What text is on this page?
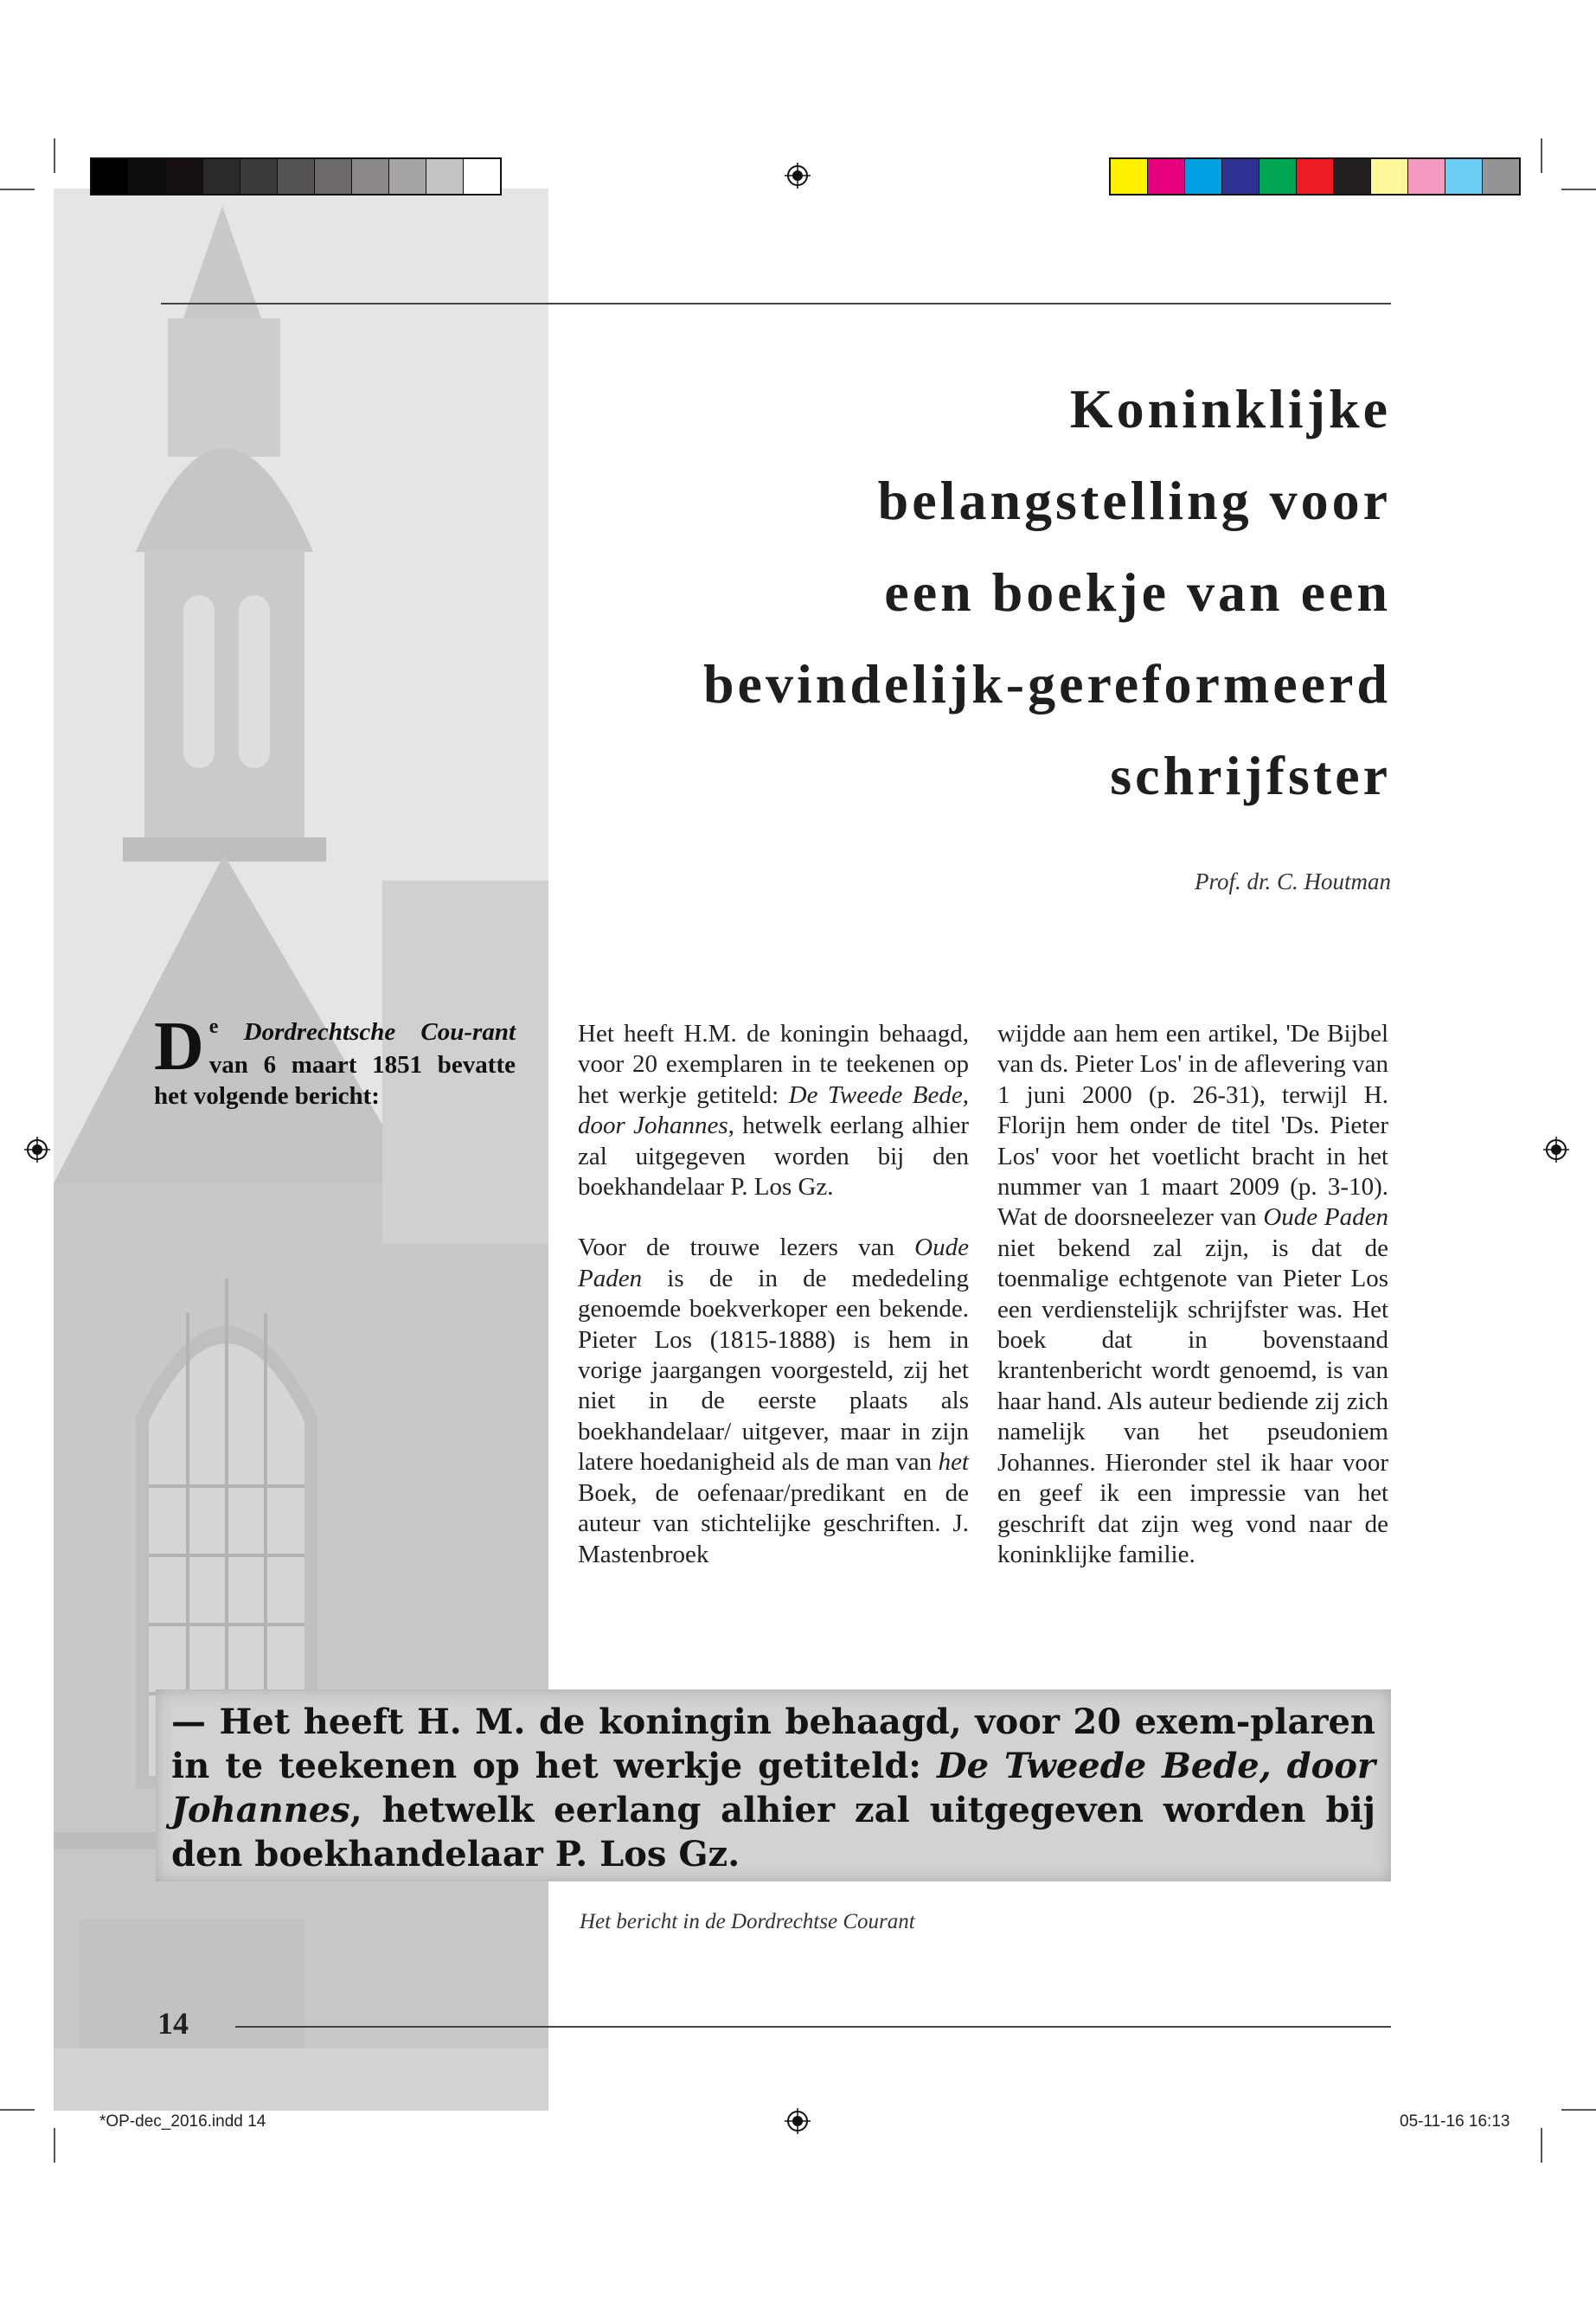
Koninklijke
belangstelling voor
een boekje van een
bevindelijk-gereformeerd
schrijfster
Prof. dr. C. Houtman
D $^e$ Dordrechtsche Cou-rant van 6 maart 1851 bevatte het volgende bericht:

Het heeft H.M. de koningin behaagd, voor 20 exemplaren in te teekenen op het werkje getiteld: De Tweede Bede, door Johannes, hetwelk eerlang alhier zal uitgegeven worden bij den boekhandelaar P. Los Gz.

Voor de trouwe lezers van Oude Paden is de in de mededeling genoemde boekverkoper een bekende. Pieter Los (1815-1888) is hem in vorige jaargangen voorgesteld, zij het niet in de eerste plaats als boekhandelaar/ uitgever, maar in zijn latere hoedanigheid als de man van het Boek, de oefenaar/predikant en de auteur van stichtelijke geschriften. J. Mastenbroek

wijdde aan hem een artikel, 'De Bijbel van ds. Pieter Los' in de aflevering van 1 juni 2000 (p. 26-31), terwijl H. Florijn hem onder de titel 'Ds. Pieter Los' voor het voetlicht bracht in het nummer van 1 maart 2009 (p. 3-10). Wat de doorsneelezer van Oude Paden niet bekend zal zijn, is dat de toenmalige echtgenote van Pieter Los een verdienstelijk schrijfster was. Het boek dat in bovenstaand krantenbericht wordt genoemd, is van haar hand. Als auteur bediende zij zich namelijk van het pseudoniem Johannes. Hieronder stel ik haar voor en geef ik een impressie van het geschrift dat zijn weg vond naar de koninklijke familie.

— Het heeft H. M. de koningin behaagd, voor 20 exem-plaren in te teekenen op het werkje getiteld: De Tweede Bede, door Johannes, hetwelk eerlang alhier zal uitgegeven worden bij den boekhandelaar P. Los Gz.
Het bericht in de Dordrechtse Courant
14
*OP-dec_2016.indd 14	05-11-16 16:13
